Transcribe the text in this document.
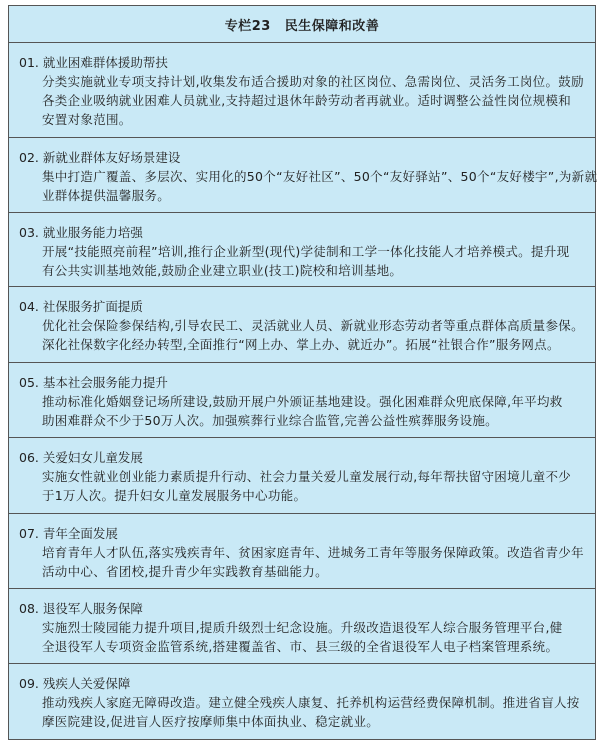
专栏23 民生保障和改善
01. 就业困难群体援助帮扶
分类实施就业专项支持计划,收集发布适合援助对象的社区岗位、急需岗位、灵活务工岗位。鼓励
各类企业吸纳就业困难人员就业,支持超过退休年龄劳动者再就业。适时调整公益性岗位规模和
安置对象范围。
02. 新就业群体友好场景建设
集中打造广覆盖、多层次、实用化的50个“友好社区”、50个“友好驿站”、50个“友好楼宇”,为新就
业群体提供温馨服务。
03. 就业服务能力培强
开展“技能照亮前程”培训,推行企业新型(现代)学徒制和工学一体化技能人才培养模式。提升现
有公共实训基地效能,鼓励企业建立职业(技工)院校和培训基地。
04. 社保服务扩面提质
优化社会保险参保结构,引导农民工、灵活就业人员、新就业形态劳动者等重点群体高质量参保。
深化社保数字化经办转型,全面推行“网上办、掌上办、就近办”。拓展“社银合作”服务网点。
05. 基本社会服务能力提升
推动标准化婚姻登记场所建设,鼓励开展户外颁证基地建设。强化困难群众兜底保障,年平均救
助困难群众不少于50万人次。加强殡葬行业综合监管,完善公益性殡葬服务设施。
06. 关爱妇女儿童发展
实施女性就业创业能力素质提升行动、社会力量关爱儿童发展行动,每年帮扶留守困境儿童不少
于1万人次。提升妇女儿童发展服务中心功能。
07. 青年全面发展
培育青年人才队伍,落实残疾青年、贫困家庭青年、进城务工青年等服务保障政策。改造省青少年
活动中心、省团校,提升青少年实践教育基础能力。
08. 退役军人服务保障
实施烈士陵园能力提升项目,提质升级烈士纪念设施。升级改造退役军人综合服务管理平台,健
全退役军人专项资金监管系统,搭建覆盖省、市、县三级的全省退役军人电子档案管理系统。
09. 残疾人关爱保障
推动残疾人家庭无障碍改造。建立健全残疾人康复、托养机构运营经费保障机制。推进省盲人按
摩医院建设,促进盲人医疗按摩师集中体面执业、稳定就业。
